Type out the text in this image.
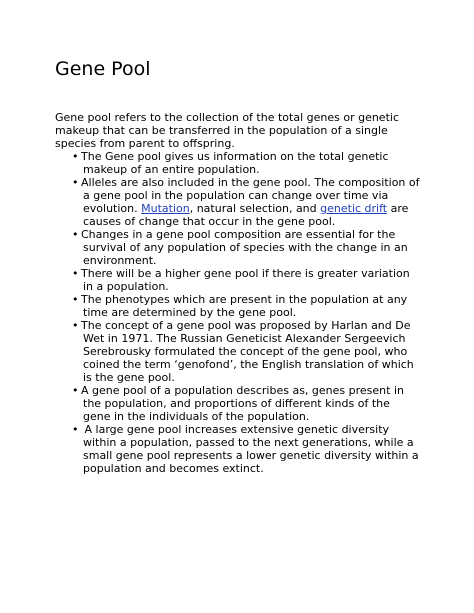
Gene Pool
Gene pool refers to the collection of the total genes or genetic makeup that can be transferred in the population of a single species from parent to offspring.
• The Gene pool gives us information on the total genetic makeup of an entire population.
• Alleles are also included in the gene pool. The composition of a gene pool in the population can change over time via evolution. Mutation, natural selection, and genetic drift are causes of change that occur in the gene pool.
• Changes in a gene pool composition are essential for the survival of any population of species with the change in an environment.
• There will be a higher gene pool if there is greater variation in a population.
• The phenotypes which are present in the population at any time are determined by the gene pool.
• The concept of a gene pool was proposed by Harlan and De Wet in 1971. The Russian Geneticist Alexander Sergeevich Serebrousky formulated the concept of the gene pool, who coined the term ‘genofond’, the English translation of which is the gene pool.
• A gene pool of a population describes as, genes present in the population, and proportions of different kinds of the gene in the individuals of the population.
• A large gene pool increases extensive genetic diversity within a population, passed to the next generations, while a small gene pool represents a lower genetic diversity within a population and becomes extinct.
